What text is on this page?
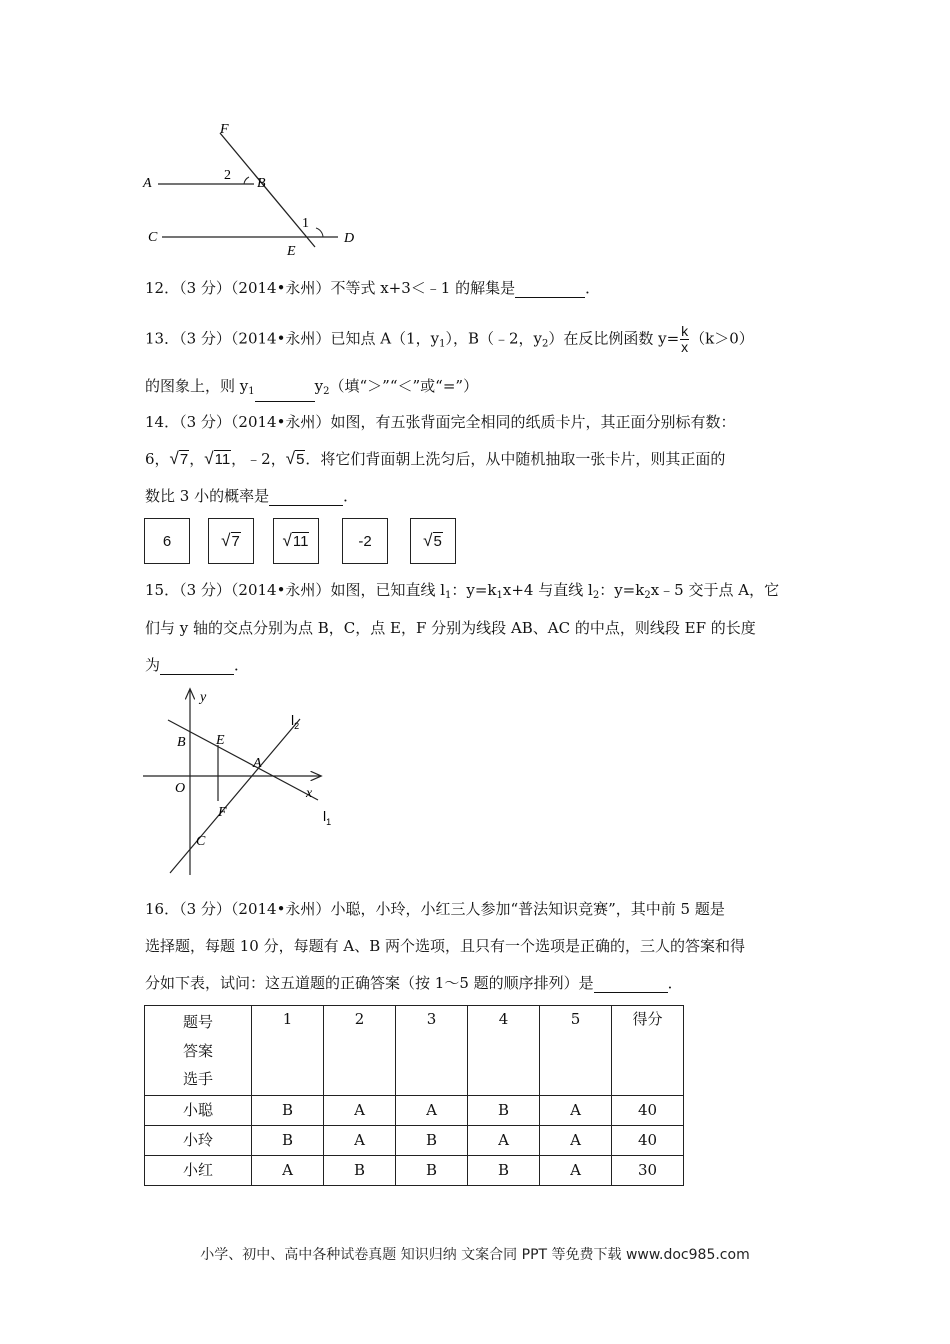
F
A
2
B
1
C
E
D
12．（3 分）（2014•永州）不等式 x+3＜﹣1 的解集是	．
13．（3 分）（2014•永州）已知点 A（1，$y_1$），B（﹣2，$y_2$）在反比例函数 $y= \frac{k}{x} (k>0)$
的图象上，则 $y_1$	$y_2$（填“＞”“＜”或“=”）
14．（3 分）（2014•永州）如图，有五张背面完全相同的纸质卡片，其正面分别标有数：
6，√7，√11，﹣2，√5．将它们背面朝上洗匀后，从中随机抽取一张卡片，则其正面的
数比 3 小的概率是	．
6	√7	√11	-2	√5
15．（3 分）（2014•永州）如图，已知直线 $l_1$：$y=k_1x+4$ 与直线 $l_2$：$y=k_2x﹣5$ 交于点 A，它
们与 y 轴的交点分别为点 B，C，点 E，F 分别为线段 AB、AC 的中点，则线段 EF 的长度
为	．
y
B E
A
O	x
F
C
$l_2$
$l_1$
16．（3 分）（2014•永州）小聪，小玲，小红三人参加“普法知识竞赛”，其中前 5 题是
选择题，每题 10 分，每题有 A、B 两个选项，且只有一个选项是正确的，三人的答案和得
分如下表，试问：这五道题的正确答案（按 1～5 题的顺序排列）是	．
题号
答案
选手	1	2	3	4	5	得分
小聪	B	A	A	B	A	40
小玲	B	A	B	A	A	40
小红	A	B	B	B	A	30
小学、初中、高中各种试卷真题 知识归纳 文案合同 PPT 等免费下载 www.doc985.com
